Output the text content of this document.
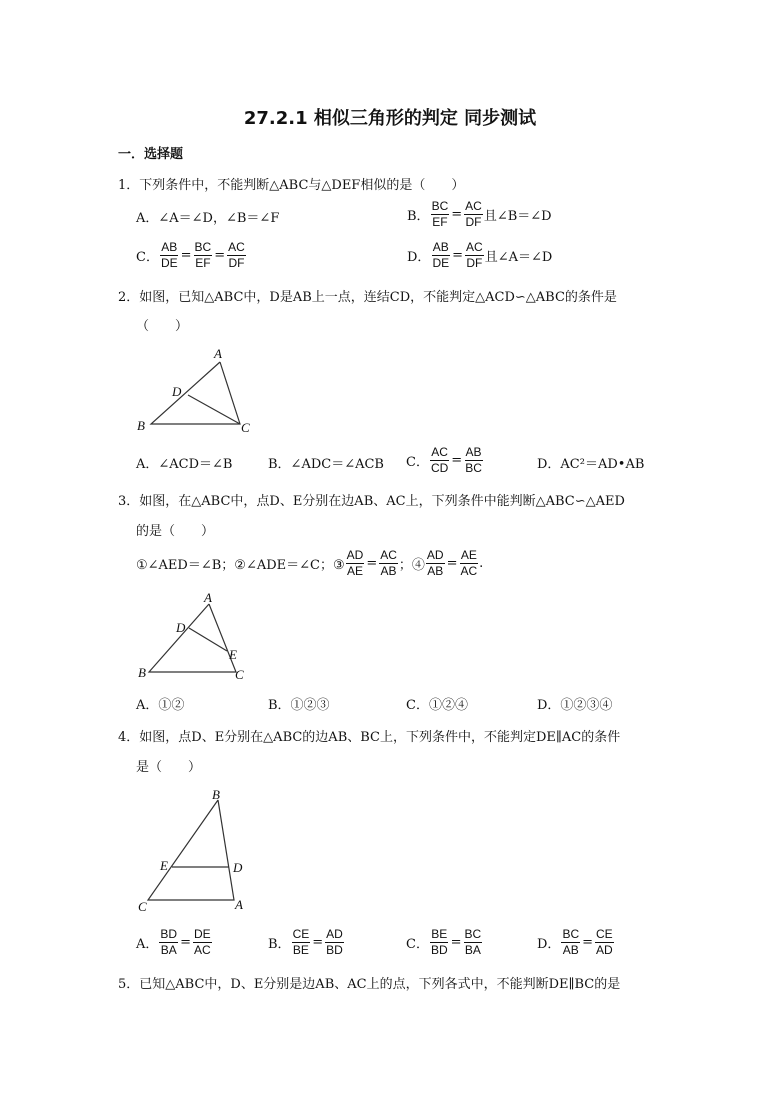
27.2.1 相似三角形的判定 同步测试
一．选择题
1．下列条件中，不能判断△ABC与△DEF相似的是（　　）
A．∠A＝∠D，∠B＝∠F	B． $\frac{BC}{EF} = \frac{AC}{DF}$ 且∠B＝∠D
C． $\frac{AB}{DE} = \frac{BC}{EF} = \frac{AC}{DF}$	D． $\frac{AB}{DE} = \frac{AC}{DF}$ 且∠A＝∠D
2．如图，已知△ABC中，D是AB上一点，连结CD，不能判定△ACD∽△ABC的条件是
（　　）
A
D
B	C
A．∠ACD＝∠B	B．∠ADC＝∠ACB C． $\frac{AC}{CD} = \frac{AB}{BC}$	D．AC²＝AD•AB
3．如图，在△ABC中，点D、E分别在边AB、AC上，下列条件中能判断△ABC∽△AED
的是（　　）
①∠AED＝∠B；②∠ADE＝∠C；③ $\frac{AD}{AE} = \frac{AC}{AB}$ ；④ $\frac{AD}{AB} = \frac{AE}{AC}$ .
A
D
E
B	C
A．①②	B．①②③	C．①②④	D．①②③④
4．如图，点D、E分别在△ABC的边AB、BC上，下列条件中，不能判定DE∥AC的条件
是（　　）
B
E	D
C	A
A． $\frac{BD}{BA} = \frac{DE}{AC}$	B． $\frac{CE}{BE} = \frac{AD}{BD}$	C． $\frac{BE}{BD} = \frac{BC}{BA}$	D． $\frac{BC}{AB} = \frac{CE}{AD}$
5．已知△ABC中，D、E分别是边AB、AC上的点，下列各式中，不能判断DE∥BC的是
